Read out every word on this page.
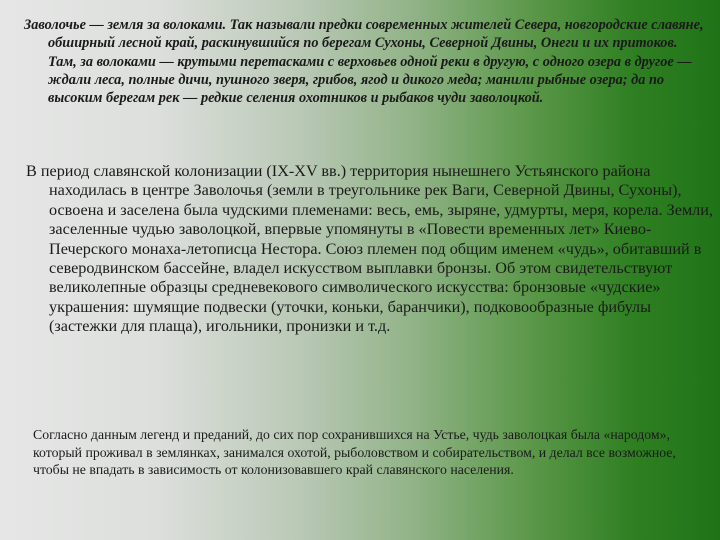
Заволочье — земля за волоками. Так называли предки современных жителей Севера, новгородские славяне, обширный лесной край, раскинувшийся по берегам Сухоны, Северной Двины, Онеги и их притоков. Там, за волоками — крутыми перетасками с верховьев одной реки в другую, с одного озера в другое — ждали леса, полные дичи, пушного зверя, грибов, ягод и дикого меда; манили рыбные озера; да по высоким берегам рек — редкие селения охотников и рыбаков чуди заволоцкой.

В период славянской колонизации (IX-XV вв.) территория нынешнего Устьянского района находилась в центре Заволочья (земли в треугольнике рек Ваги, Северной Двины, Сухоны), освоена и заселена была чудскими племенами: весь, емь, зыряне, удмурты, меря, корела. Земли, заселенные чудью заволоцкой, впервые упомянуты в «Повести временных лет» Киево-Печерского монаха-летописца Нестора. Союз племен под общим именем «чудь», обитавший в северодвинском бассейне, владел искусством выплавки бронзы. Об этом свидетельствуют великолепные образцы средневекового символического искусства: бронзовые «чудские» украшения: шумящие подвески (уточки, коньки, баранчики), подковообразные фибулы (застежки для плаща), игольники, пронизки и т.д.

Согласно данным легенд и преданий, до сих пор сохранившихся на Устье, чудь заволоцкая была «народом», который проживал в землянках, занимался охотой, рыболовством и собирательством, и делал все возможное, чтобы не впадать в зависимость от колонизовавшего край славянского населения.
